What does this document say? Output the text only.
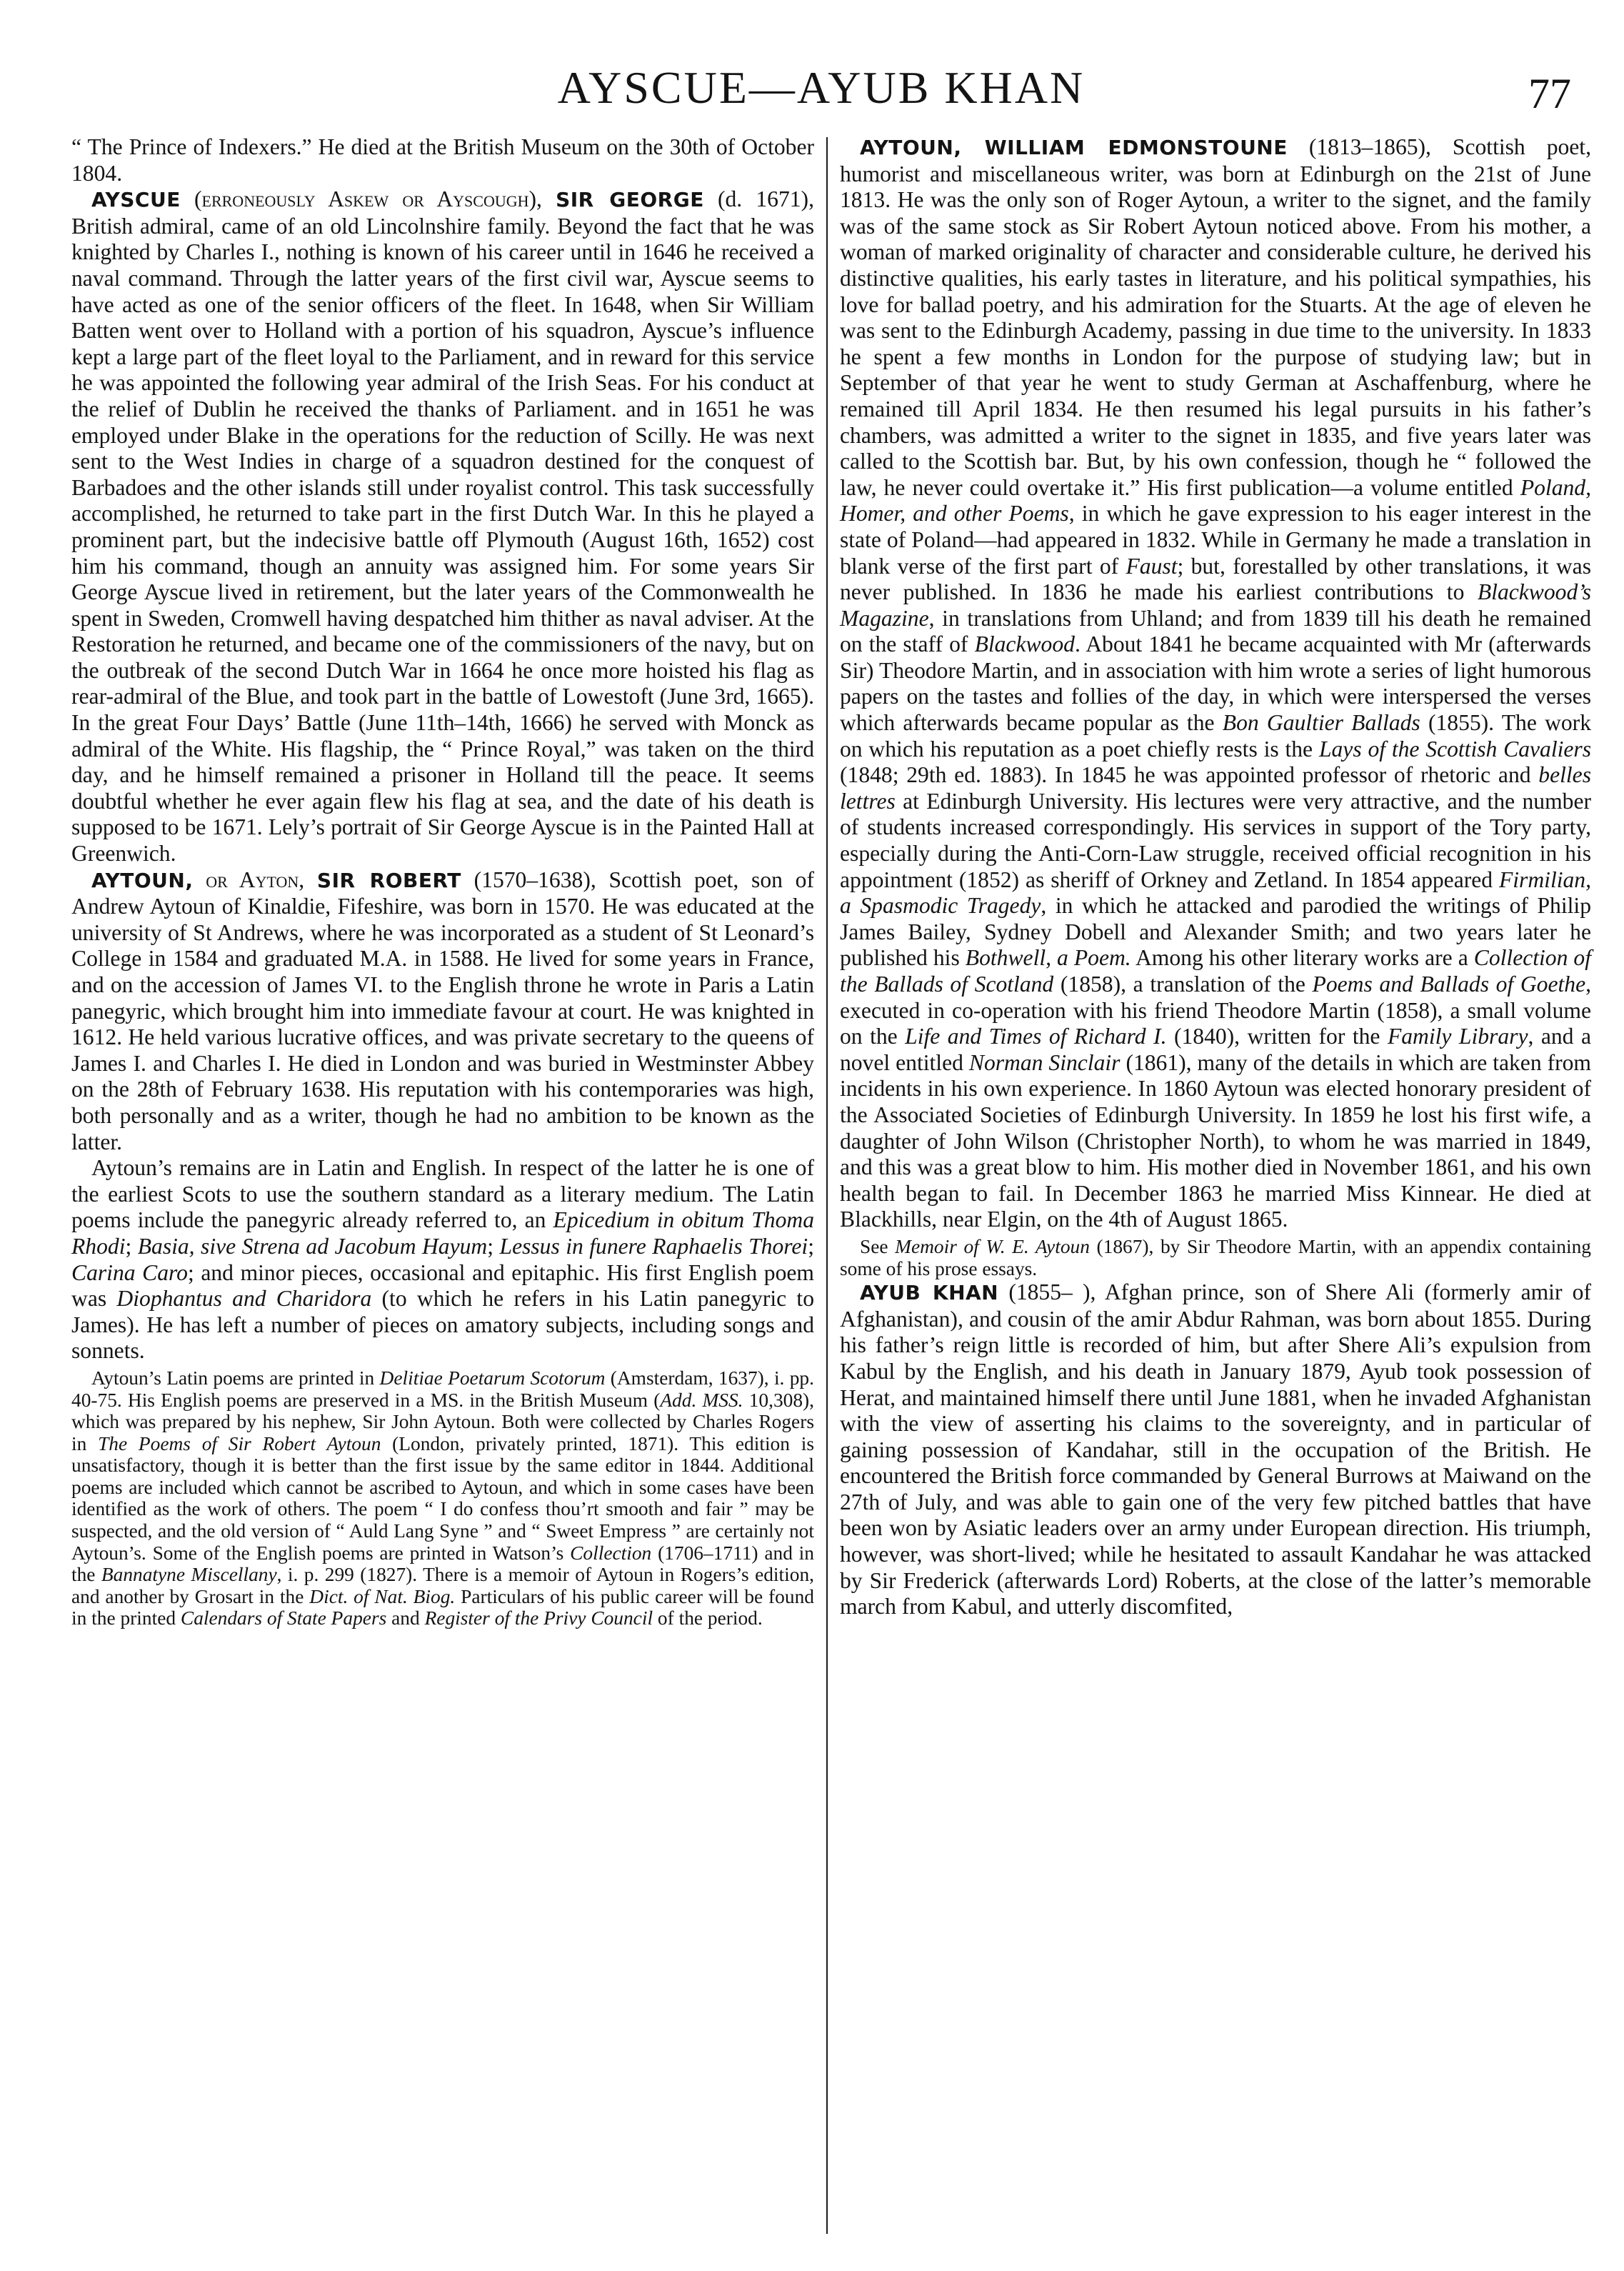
AYSCUE—AYUB KHAN	77

“ The Prince of Indexers.” He died at the British Museum on the 30th of October 1804.

AYSCUE (erroneously Askew or Ayscough), SIR GEORGE (d. 1671), British admiral, came of an old Lincolnshire family. Beyond the fact that he was knighted by Charles I., nothing is known of his career until in 1646 he received a naval command. Through the latter years of the first civil war, Ayscue seems to have acted as one of the senior officers of the fleet. In 1648, when Sir William Batten went over to Holland with a portion of his squadron, Ayscue’s influence kept a large part of the fleet loyal to the Parliament, and in reward for this service he was appointed the following year admiral of the Irish Seas. For his conduct at the relief of Dublin he received the thanks of Parliament. and in 1651 he was employed under Blake in the operations for the reduction of Scilly. He was next sent to the West Indies in charge of a squadron destined for the conquest of Barbadoes and the other islands still under royalist control. This task successfully accomplished, he returned to take part in the first Dutch War. In this he played a prominent part, but the indecisive battle off Plymouth (August 16th, 1652) cost him his command, though an annuity was assigned him. For some years Sir George Ayscue lived in retirement, but the later years of the Commonwealth he spent in Sweden, Cromwell having despatched him thither as naval adviser. At the Restoration he returned, and became one of the commissioners of the navy, but on the outbreak of the second Dutch War in 1664 he once more hoisted his flag as rear-admiral of the Blue, and took part in the battle of Lowestoft (June 3rd, 1665). In the great Four Days’ Battle (June 11th–14th, 1666) he served with Monck as admiral of the White. His flagship, the “ Prince Royal,” was taken on the third day, and he himself remained a prisoner in Holland till the peace. It seems doubtful whether he ever again flew his flag at sea, and the date of his death is supposed to be 1671. Lely’s portrait of Sir George Ayscue is in the Painted Hall at Greenwich.

AYTOUN, or Ayton, SIR ROBERT (1570–1638), Scottish poet, son of Andrew Aytoun of Kinaldie, Fifeshire, was born in 1570. He was educated at the university of St Andrews, where he was incorporated as a student of St Leonard’s College in 1584 and graduated M.A. in 1588. He lived for some years in France, and on the accession of James VI. to the English throne he wrote in Paris a Latin panegyric, which brought him into immediate favour at court. He was knighted in 1612. He held various lucrative offices, and was private secretary to the queens of James I. and Charles I. He died in London and was buried in Westminster Abbey on the 28th of February 1638. His reputation with his contemporaries was high, both personally and as a writer, though he had no ambition to be known as the latter.

Aytoun’s remains are in Latin and English. In respect of the latter he is one of the earliest Scots to use the southern standard as a literary medium. The Latin poems include the panegyric already referred to, an Epicedium in obitum Thoma Rhodi; Basia, sive Strena ad Jacobum Hayum; Lessus in funere Raphaelis Thorei; Carina Caro; and minor pieces, occasional and epitaphic. His first English poem was Diophantus and Charidora (to which he refers in his Latin panegyric to James). He has left a number of pieces on amatory subjects, including songs and sonnets.

Aytoun’s Latin poems are printed in Delitiae Poetarum Scotorum (Amsterdam, 1637), i. pp. 40-75. His English poems are preserved in a MS. in the British Museum (Add. MSS. 10,308), which was prepared by his nephew, Sir John Aytoun. Both were collected by Charles Rogers in The Poems of Sir Robert Aytoun (London, privately printed, 1871). This edition is unsatisfactory, though it is better than the first issue by the same editor in 1844. Additional poems are included which cannot be ascribed to Aytoun, and which in some cases have been identified as the work of others. The poem “ I do confess thou’rt smooth and fair ” may be suspected, and the old version of “ Auld Lang Syne ” and “ Sweet Empress ” are certainly not Aytoun’s. Some of the English poems are printed in Watson’s Collection (1706–1711) and in the Bannatyne Miscellany, i. p. 299 (1827). There is a memoir of Aytoun in Rogers’s edition, and another by Grosart in the Dict. of Nat. Biog. Particulars of his public career will be found in the printed Calendars of State Papers and Register of the Privy Council of the period.

AYTOUN, WILLIAM EDMONSTOUNE (1813–1865), Scottish poet, humorist and miscellaneous writer, was born at Edinburgh on the 21st of June 1813. He was the only son of Roger Aytoun, a writer to the signet, and the family was of the same stock as Sir Robert Aytoun noticed above. From his mother, a woman of marked originality of character and considerable culture, he derived his distinctive qualities, his early tastes in literature, and his political sympathies, his love for ballad poetry, and his admiration for the Stuarts. At the age of eleven he was sent to the Edinburgh Academy, passing in due time to the university. In 1833 he spent a few months in London for the purpose of studying law; but in September of that year he went to study German at Aschaffenburg, where he remained till April 1834. He then resumed his legal pursuits in his father’s chambers, was admitted a writer to the signet in 1835, and five years later was called to the Scottish bar. But, by his own confession, though he “ followed the law, he never could overtake it.” His first publication—a volume entitled Poland, Homer, and other Poems, in which he gave expression to his eager interest in the state of Poland—had appeared in 1832. While in Germany he made a translation in blank verse of the first part of Faust; but, forestalled by other translations, it was never published. In 1836 he made his earliest contributions to Blackwood’s Magazine, in translations from Uhland; and from 1839 till his death he remained on the staff of Blackwood. About 1841 he became acquainted with Mr (afterwards Sir) Theodore Martin, and in association with him wrote a series of light humorous papers on the tastes and follies of the day, in which were interspersed the verses which afterwards became popular as the Bon Gaultier Ballads (1855). The work on which his reputation as a poet chiefly rests is the Lays of the Scottish Cavaliers (1848; 29th ed. 1883). In 1845 he was appointed professor of rhetoric and belles lettres at Edinburgh University. His lectures were very attractive, and the number of students increased correspondingly. His services in support of the Tory party, especially during the Anti-Corn-Law struggle, received official recognition in his appointment (1852) as sheriff of Orkney and Zetland. In 1854 appeared Firmilian, a Spasmodic Tragedy, in which he attacked and parodied the writings of Philip James Bailey, Sydney Dobell and Alexander Smith; and two years later he published his Bothwell, a Poem. Among his other literary works are a Collection of the Ballads of Scotland (1858), a translation of the Poems and Ballads of Goethe, executed in co-operation with his friend Theodore Martin (1858), a small volume on the Life and Times of Richard I. (1840), written for the Family Library, and a novel entitled Norman Sinclair (1861), many of the details in which are taken from incidents in his own experience. In 1860 Aytoun was elected honorary president of the Associated Societies of Edinburgh University. In 1859 he lost his first wife, a daughter of John Wilson (Christopher North), to whom he was married in 1849, and this was a great blow to him. His mother died in November 1861, and his own health began to fail. In December 1863 he married Miss Kinnear. He died at Blackhills, near Elgin, on the 4th of August 1865.

See Memoir of W. E. Aytoun (1867), by Sir Theodore Martin, with an appendix containing some of his prose essays.

AYUB KHAN (1855– ), Afghan prince, son of Shere Ali (formerly amir of Afghanistan), and cousin of the amir Abdur Rahman, was born about 1855. During his father’s reign little is recorded of him, but after Shere Ali’s expulsion from Kabul by the English, and his death in January 1879, Ayub took possession of Herat, and maintained himself there until June 1881, when he invaded Afghanistan with the view of asserting his claims to the sovereignty, and in particular of gaining possession of Kandahar, still in the occupation of the British. He encountered the British force commanded by General Burrows at Maiwand on the 27th of July, and was able to gain one of the very few pitched battles that have been won by Asiatic leaders over an army under European direction. His triumph, however, was short-lived; while he hesitated to assault Kandahar he was attacked by Sir Frederick (afterwards Lord) Roberts, at the close of the latter’s memorable march from Kabul, and utterly discomfited,
